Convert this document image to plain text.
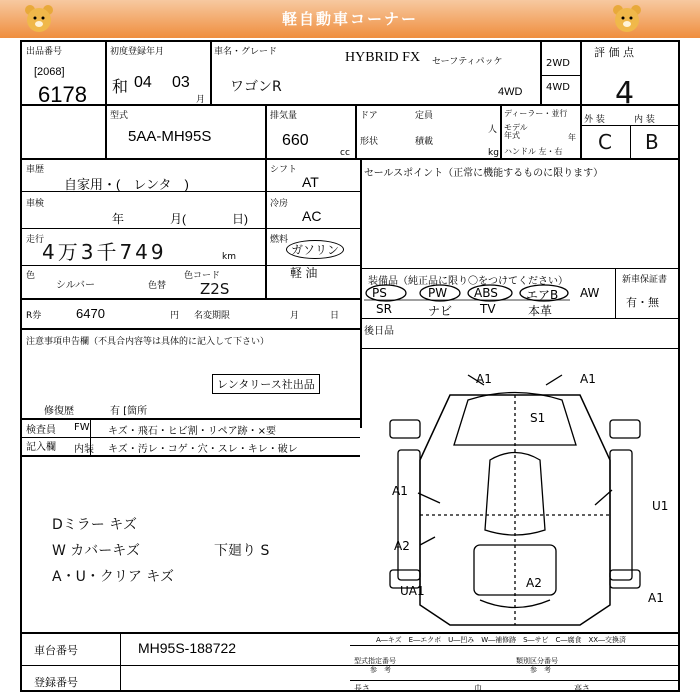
軽自動車コーナー
出品番号
[2068]
6178
初度登録年月
和 04 03
月
車名・グレード	HYBRID FX セーフティパッケ
ワゴンR	4WD
2WD
4WD
評 価 点
4
型式
5AA-MH95S
排気量
660
cc
ドア	定員
人
形状	積載
kg
ディーラー・並行
モデル
年式	年
ハンドル 左・右
外 装	内 装
C B
車歴
自家用・(　レンタ　)
シフト
AT
車検
年	月(	日)
冷房
AC
走行
4万3千749	km
燃料
ガソリン
軽 油
色
シルバー	色替
色コード
Z2S
R券	6470	円 名変期限	月	日
注意事項申告欄（不具合内容等は具体的に記入して下さい）
レンタリース社出品
修復歴	有 [箇所
検査員
記入欄
FW
内装
キズ・飛石・ヒビ割・リペア跡・×要
キズ・汚レ・コゲ・穴・スレ・キレ・破レ
Dミラー キズ
W カバーキズ
A・U・クリア キズ
下廻り S
セールスポイント（正常に機能するものに限ります）
装備品（純正品に限り〇をつけてください）	新車保証書
有・無
PS	PW ABS エアB AW
SR	ナビ TV	本革
後日品
A1	A1
S1
A1
U1
A2
A2
UA1	A1
車台番号	MH95S-188722
登録番号
A―キズ　E―エクボ　U―凹み　W―補修跡　S―サビ　C―腐食　XX―交換済
型式指定番号
参　考
類別区分番号
参　考
長さ	巾	高さ
